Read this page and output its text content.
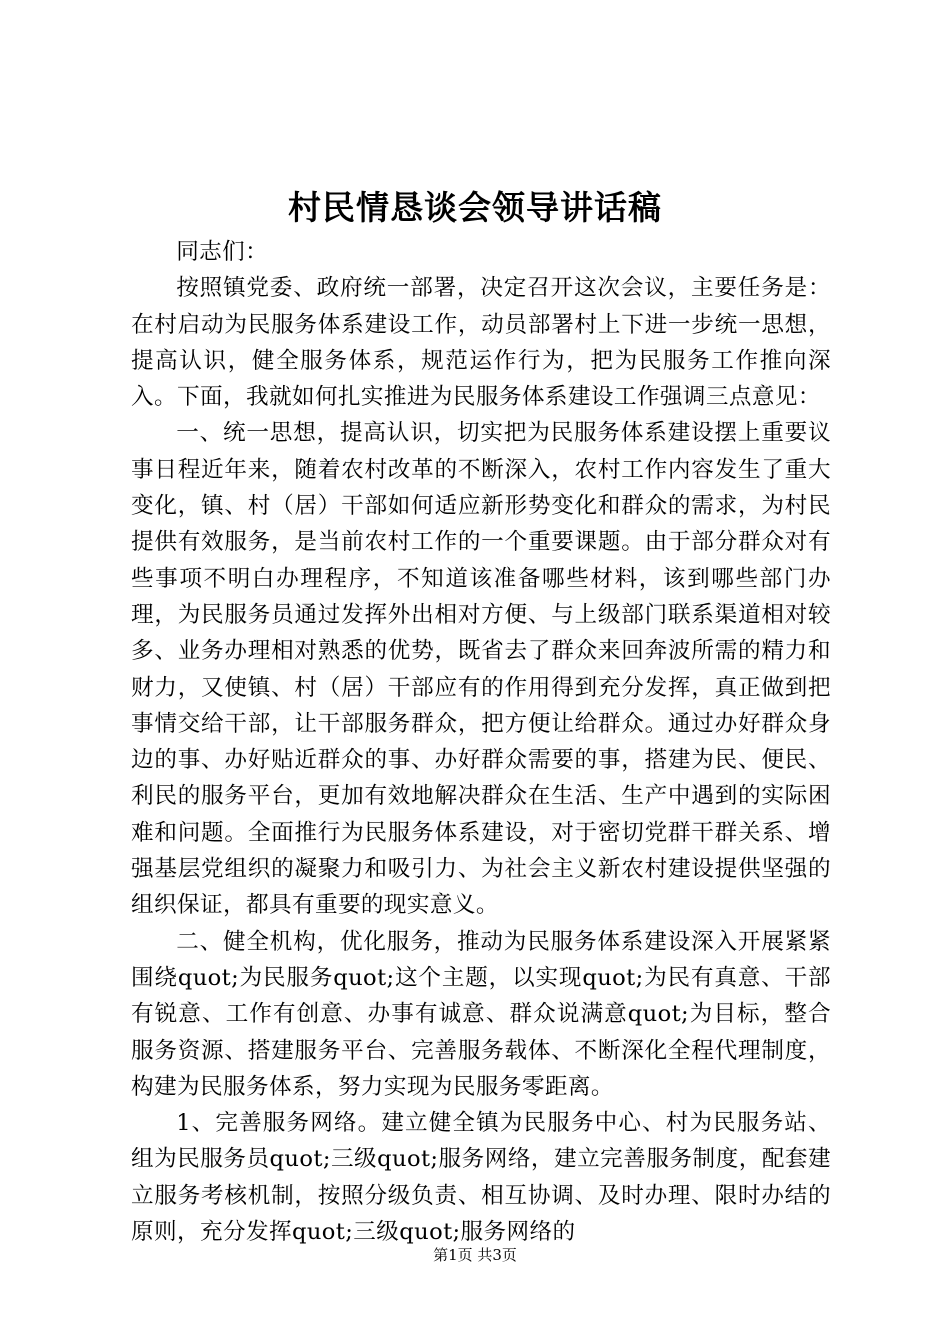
村民情恳谈会领导讲话稿

同志们：

按照镇党委、政府统一部署，决定召开这次会议，主要任务是：在村启动为民服务体系建设工作，动员部署村上下进一步统一思想，提高认识，健全服务体系，规范运作行为，把为民服务工作推向深入。下面，我就如何扎实推进为民服务体系建设工作强调三点意见：

一、统一思想，提高认识，切实把为民服务体系建设摆上重要议事日程近年来，随着农村改革的不断深入，农村工作内容发生了重大变化，镇、村（居）干部如何适应新形势变化和群众的需求，为村民提供有效服务，是当前农村工作的一个重要课题。由于部分群众对有些事项不明白办理程序，不知道该准备哪些材料，该到哪些部门办理，为民服务员通过发挥外出相对方便、与上级部门联系渠道相对较多、业务办理相对熟悉的优势，既省去了群众来回奔波所需的精力和财力，又使镇、村（居）干部应有的作用得到充分发挥，真正做到把事情交给干部，让干部服务群众，把方便让给群众。通过办好群众身边的事、办好贴近群众的事、办好群众需要的事，搭建为民、便民、利民的服务平台，更加有效地解决群众在生活、生产中遇到的实际困难和问题。全面推行为民服务体系建设，对于密切党群干群关系、增强基层党组织的凝聚力和吸引力、为社会主义新农村建设提供坚强的组织保证，都具有重要的现实意义。

二、健全机构，优化服务，推动为民服务体系建设深入开展紧紧围绕quot;为民服务quot;这个主题，以实现quot;为民有真意、干部有锐意、工作有创意、办事有诚意、群众说满意quot;为目标，整合服务资源、搭建服务平台、完善服务载体、不断深化全程代理制度，构建为民服务体系，努力实现为民服务零距离。

1、完善服务网络。建立健全镇为民服务中心、村为民服务站、组为民服务员quot;三级quot;服务网络，建立完善服务制度，配套建立服务考核机制，按照分级负责、相互协调、及时办理、限时办结的原则，充分发挥quot;三级quot;服务网络的

第1页 共3页
